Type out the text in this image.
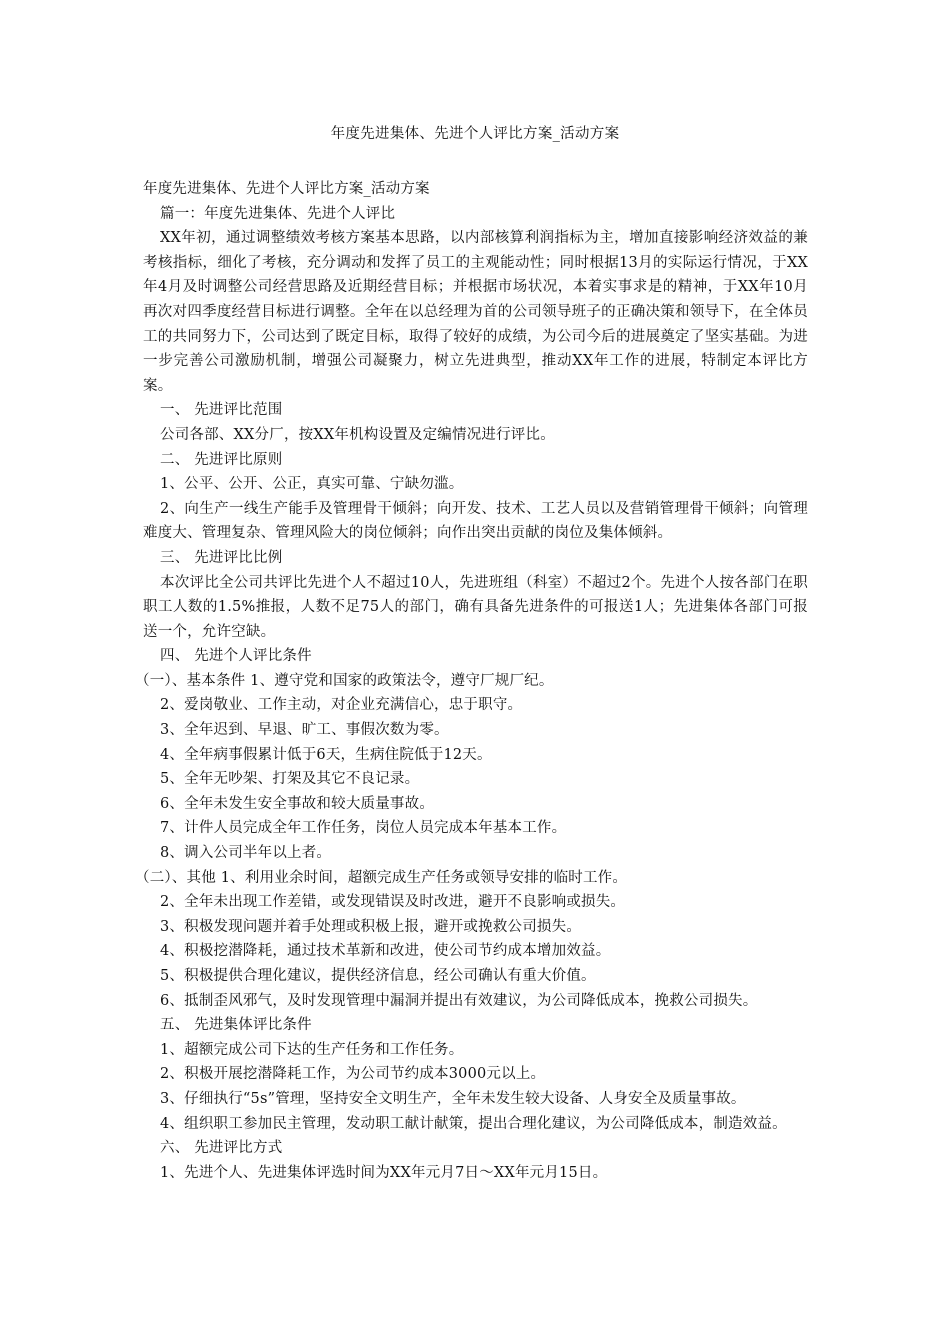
年度先进集体、先进个人评比方案_活动方案

年度先进集体、先进个人评比方案_活动方案

篇一：年度先进集体、先进个人评比

XX年初，通过调整绩效考核方案基本思路，以内部核算利润指标为主，增加直接影响经济效益的兼考核指标，细化了考核，充分调动和发挥了员工的主观能动性；同时根据13月的实际运行情况，于XX年4月及时调整公司经营思路及近期经营目标；并根据市场状况，本着实事求是的精神，于XX年10月再次对四季度经营目标进行调整。全年在以总经理为首的公司领导班子的正确决策和领导下，在全体员工的共同努力下，公司达到了既定目标，取得了较好的成绩，为公司今后的进展奠定了坚实基础。为进一步完善公司激励机制，增强公司凝聚力，树立先进典型，推动XX年工作的进展，特制定本评比方案。

一、 先进评比范围

公司各部、XX分厂，按XX年机构设置及定编情况进行评比。

二、 先进评比原则

1、公平、公开、公正，真实可靠、宁缺勿滥。

2、向生产一线生产能手及管理骨干倾斜；向开发、技术、工艺人员以及营销管理骨干倾斜；向管理难度大、管理复杂、管理风险大的岗位倾斜；向作出突出贡献的岗位及集体倾斜。

三、 先进评比比例

本次评比全公司共评比先进个人不超过10人，先进班组（科室）不超过2个。先进个人按各部门在职职工人数的1.5%推报，人数不足75人的部门，确有具备先进条件的可报送1人；先进集体各部门可报送一个，允许空缺。

四、 先进个人评比条件

（一）、基本条件 1、遵守党和国家的政策法令，遵守厂规厂纪。

2、爱岗敬业、工作主动，对企业充满信心，忠于职守。

3、全年迟到、早退、旷工、事假次数为零。

4、全年病事假累计低于6天，生病住院低于12天。

5、全年无吵架、打架及其它不良记录。

6、全年未发生安全事故和较大质量事故。

7、计件人员完成全年工作任务，岗位人员完成本年基本工作。

8、调入公司半年以上者。

（二）、其他 1、利用业余时间，超额完成生产任务或领导安排的临时工作。

2、全年未出现工作差错，或发现错误及时改进，避开不良影响或损失。

3、积极发现问题并着手处理或积极上报，避开或挽救公司损失。

4、积极挖潜降耗，通过技术革新和改进，使公司节约成本增加效益。

5、积极提供合理化建议，提供经济信息，经公司确认有重大价值。

6、抵制歪风邪气，及时发现管理中漏洞并提出有效建议，为公司降低成本，挽救公司损失。

五、 先进集体评比条件

1、超额完成公司下达的生产任务和工作任务。

2、积极开展挖潜降耗工作，为公司节约成本3000元以上。

3、仔细执行“5s”管理，坚持安全文明生产，全年未发生较大设备、人身安全及质量事故。

4、组织职工参加民主管理，发动职工献计献策，提出合理化建议，为公司降低成本，制造效益。

六、 先进评比方式

1、先进个人、先进集体评选时间为XX年元月7日～XX年元月15日。
